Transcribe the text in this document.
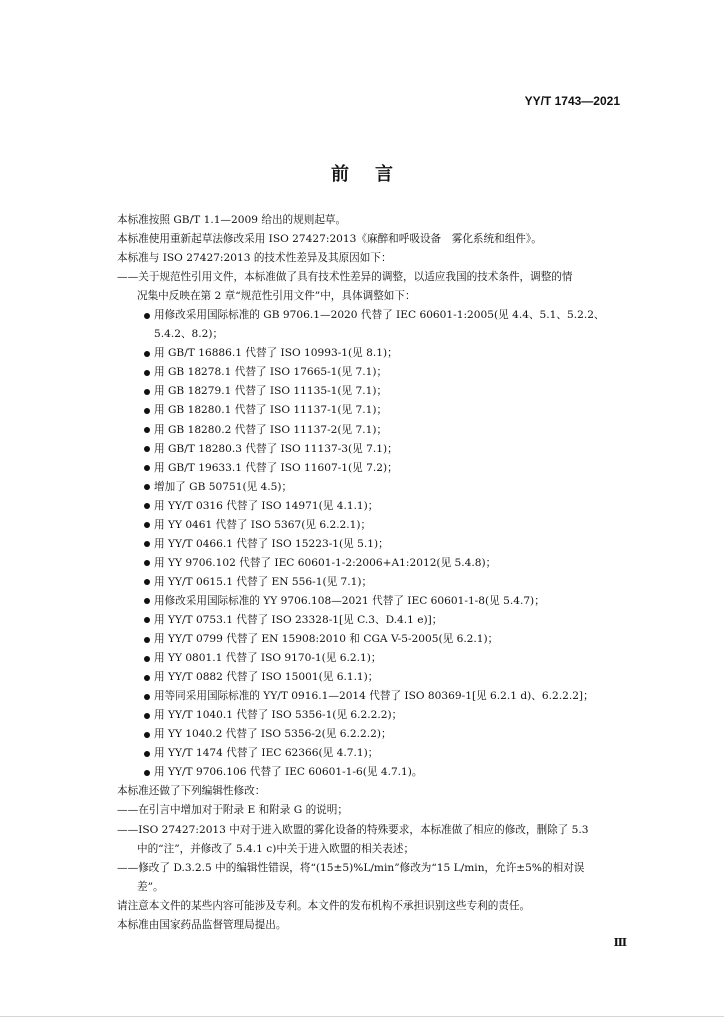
YY/T 1743—2021
前言
本标准按照 GB/T 1.1—2009 给出的规则起草。
本标准使用重新起草法修改采用 ISO 27427:2013《麻醉和呼吸设备　雾化系统和组件》。
本标准与 ISO 27427:2013 的技术性差异及其原因如下：
——关于规范性引用文件，本标准做了具有技术性差异的调整，以适应我国的技术条件，调整的情
况集中反映在第 2 章“规范性引用文件”中，具体调整如下：
用修改采用国际标准的 GB 9706.1—2020 代替了 IEC 60601-1:2005(见 4.4、5.1、5.2.2、
5.4.2、8.2)；
用 GB/T 16886.1 代替了 ISO 10993-1(见 8.1)；
用 GB 18278.1 代替了 ISO 17665-1(见 7.1)；
用 GB 18279.1 代替了 ISO 11135-1(见 7.1)；
用 GB 18280.1 代替了 ISO 11137-1(见 7.1)；
用 GB 18280.2 代替了 ISO 11137-2(见 7.1)；
用 GB/T 18280.3 代替了 ISO 11137-3(见 7.1)；
用 GB/T 19633.1 代替了 ISO 11607-1(见 7.2)；
增加了 GB 50751(见 4.5)；
用 YY/T 0316 代替了 ISO 14971(见 4.1.1)；
用 YY 0461 代替了 ISO 5367(见 6.2.2.1)；
用 YY/T 0466.1 代替了 ISO 15223-1(见 5.1)；
用 YY 9706.102 代替了 IEC 60601-1-2:2006+A1:2012(见 5.4.8)；
用 YY/T 0615.1 代替了 EN 556-1(见 7.1)；
用修改采用国际标准的 YY 9706.108—2021 代替了 IEC 60601-1-8(见 5.4.7)；
用 YY/T 0753.1 代替了 ISO 23328-1[见 C.3、D.4.1 e)]；
用 YY/T 0799 代替了 EN 15908:2010 和 CGA V-5-2005(见 6.2.1)；
用 YY 0801.1 代替了 ISO 9170-1(见 6.2.1)；
用 YY/T 0882 代替了 ISO 15001(见 6.1.1)；
用等同采用国际标准的 YY/T 0916.1—2014 代替了 ISO 80369-1[见 6.2.1 d)、6.2.2.2]；
用 YY/T 1040.1 代替了 ISO 5356-1(见 6.2.2.2)；
用 YY 1040.2 代替了 ISO 5356-2(见 6.2.2.2)；
用 YY/T 1474 代替了 IEC 62366(见 4.7.1)；
用 YY/T 9706.106 代替了 IEC 60601-1-6(见 4.7.1)。
本标准还做了下列编辑性修改：
——在引言中增加对于附录 E 和附录 G 的说明；
——ISO 27427:2013 中对于进入欧盟的雾化设备的特殊要求，本标准做了相应的修改，删除了 5.3
中的“注”，并修改了 5.4.1 c)中关于进入欧盟的相关表述；
——修改了 D.3.2.5 中的编辑性错误，将“(15±5)%L/min”修改为“15 L/min，允许±5%的相对误
差”。
请注意本文件的某些内容可能涉及专利。本文件的发布机构不承担识别这些专利的责任。
本标准由国家药品监督管理局提出。
Ⅲ
